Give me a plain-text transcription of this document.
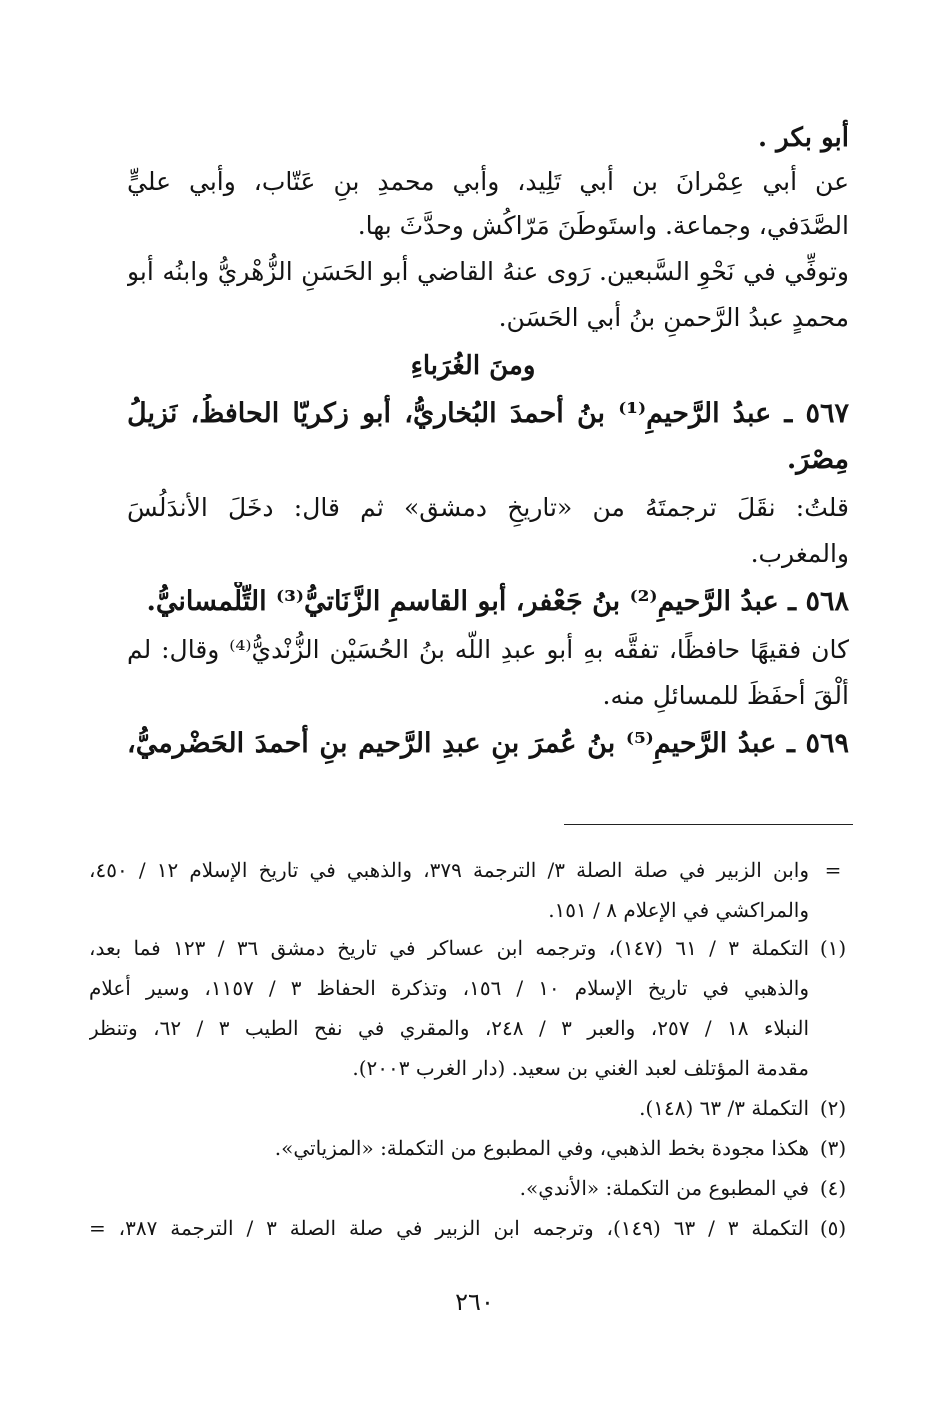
أبو بكر .
عن أبي عِمْرانَ بن أبي تَلِيد، وأبي محمدِ بنِ عَتّاب، وأبي عليٍّ
الصَّدَفي، وجماعة. واستَوطَنَ مَرّاكُش وحدَّثَ بها.
وتوفِّي في نَحْوِ السَّبعين. رَوى عنهُ القاضي أبو الحَسَنِ الزُّهْريُّ وابنُه أبو
محمدٍ عبدُ الرَّحمنِ بنُ أبي الحَسَن.
ومنَ الغُرَباءِ
٥٦٧ ـ عبدُ الرَّحيمِ⁽¹⁾ بنُ أحمدَ البُخاريُّ، أبو زكريّا الحافظُ، نَزيلُ
مِصْرَ.
قلتُ: نقَلَ ترجمتَهُ من «تاريخِ دمشق» ثم قال: دخَلَ الأندَلُسَ
والمغرب.
٥٦٨ ـ عبدُ الرَّحيمِ⁽²⁾ بنُ جَعْفر، أبو القاسمِ الزَّنَاتيُّ⁽³⁾ التِّلْمسانيُّ.
كان فقيهًا حافظًا، تفقَّه بهِ أبو عبدِ اللّه بنُ الحُسَيْن الزُّنْديُّ⁽⁴⁾ وقال: لم
ألْقَ أحفَظَ للمسائلِ منه.
٥٦٩ ـ عبدُ الرَّحيمِ⁽⁵⁾ بنُ عُمرَ بنِ عبدِ الرَّحيم بنِ أحمدَ الحَضْرميُّ،
=
وابن الزبير في صلة الصلة ٣/ الترجمة ٣٧٩، والذهبي في تاريخ الإسلام ١٢ / ٤٥٠،
والمراكشي في الإعلام ٨ / ١٥١.
(١)
التكملة ٣ / ٦١ (١٤٧)، وترجمه ابن عساكر في تاريخ دمشق ٣٦ / ١٢٣ فما بعد،
والذهبي في تاريخ الإسلام ١٠ / ١٥٦، وتذكرة الحفاظ ٣ / ١١٥٧، وسير أعلام
النبلاء ١٨ / ٢٥٧، والعبر ٣ / ٢٤٨، والمقري في نفح الطيب ٣ / ٦٢، وتنظر
مقدمة المؤتلف لعبد الغني بن سعيد. (دار الغرب ٢٠٠٣).
(٢)
التكملة ٣/ ٦٣ (١٤٨).
(٣)
هكذا مجودة بخط الذهبي، وفي المطبوع من التكملة: «المزياتي».
(٤)
في المطبوع من التكملة: «الأندي».
(٥)
التكملة ٣ / ٦٣ (١٤٩)، وترجمه ابن الزبير في صلة الصلة ٣ / الترجمة ٣٨٧، =
٢٦٠
